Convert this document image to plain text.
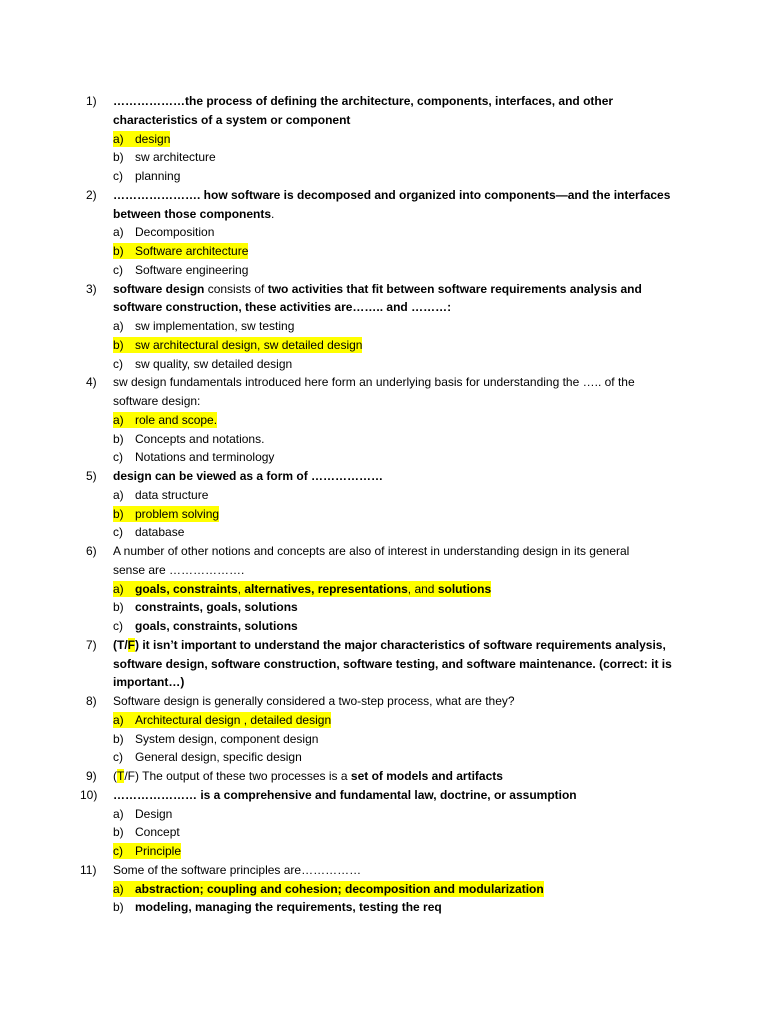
1) ………………the process of defining the architecture, components, interfaces, and other
characteristics of a system or component
a) design
b) sw architecture
c) planning
2) …………………. how software is decomposed and organized into components—and the interfaces
between those components.
a) Decomposition
b) Software architecture
c) Software engineering
3) software design consists of two activities that fit between software requirements analysis and
software construction, these activities are…….. and ………:
a) sw implementation, sw testing
b) sw architectural design, sw detailed design
c) sw quality, sw detailed design
4) sw design fundamentals introduced here form an underlying basis for understanding the ….. of the
software design:
a) role and scope.
b) Concepts and notations.
c) Notations and terminology
5) design can be viewed as a form of ………………
a) data structure
b) problem solving
c) database
6) A number of other notions and concepts are also of interest in understanding design in its general
sense are ……………….
a) goals, constraints, alternatives, representations, and solutions
b) constraints, goals, solutions
c) goals, constraints, solutions
7) (T/F) it isn’t important to understand the major characteristics of software requirements analysis,
software design, software construction, software testing, and software maintenance. (correct: it is
important…)
8) Software design is generally considered a two-step process, what are they?
a) Architectural design , detailed design
b) System design, component design
c) General design, specific design
9) (T/F) The output of these two processes is a set of models and artifacts
10) ………………… is a comprehensive and fundamental law, doctrine, or assumption
a) Design
b) Concept
c) Principle
11) Some of the software principles are……………
a) abstraction; coupling and cohesion; decomposition and modularization
b) modeling, managing the requirements, testing the req
